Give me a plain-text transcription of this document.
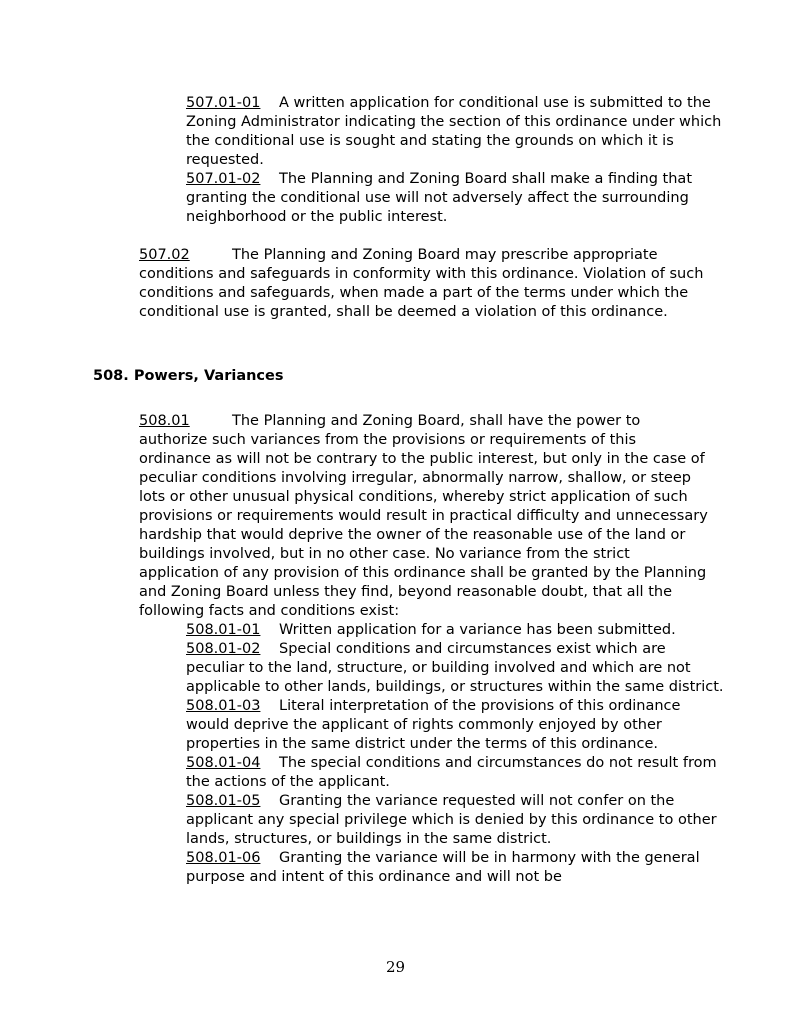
507.01-01 A written application for conditional use is submitted to the Zoning Administrator indicating the section of this ordinance under which the conditional use is sought and stating the grounds on which it is requested.

507.01-02 The Planning and Zoning Board shall make a finding that granting the conditional use will not adversely affect the surrounding neighborhood or the public interest.

507.02	The Planning and Zoning Board may prescribe appropriate conditions and safeguards in conformity with this ordinance. Violation of such conditions and safeguards, when made a part of the terms under which the conditional use is granted, shall be deemed a violation of this ordinance.

508. Powers, Variances

508.01	The Planning and Zoning Board, shall have the power to authorize such variances from the provisions or requirements of this ordinance as will not be contrary to the public interest, but only in the case of peculiar conditions involving irregular, abnormally narrow, shallow, or steep lots or other unusual physical conditions, whereby strict application of such provisions or requirements would result in practical difficulty and unnecessary hardship that would deprive the owner of the reasonable use of the land or buildings involved, but in no other case. No variance from the strict application of any provision of this ordinance shall be granted by the Planning and Zoning Board unless they find, beyond reasonable doubt, that all the following facts and conditions exist:

508.01-01 Written application for a variance has been submitted.

508.01-02 Special conditions and circumstances exist which are peculiar to the land, structure, or building involved and which are not applicable to other lands, buildings, or structures within the same district.

508.01-03 Literal interpretation of the provisions of this ordinance would deprive the applicant of rights commonly enjoyed by other properties in the same district under the terms of this ordinance.

508.01-04 The special conditions and circumstances do not result from the actions of the applicant.

508.01-05 Granting the variance requested will not confer on the applicant any special privilege which is denied by this ordinance to other lands, structures, or buildings in the same district.

508.01-06 Granting the variance will be in harmony with the general purpose and intent of this ordinance and will not be

29
